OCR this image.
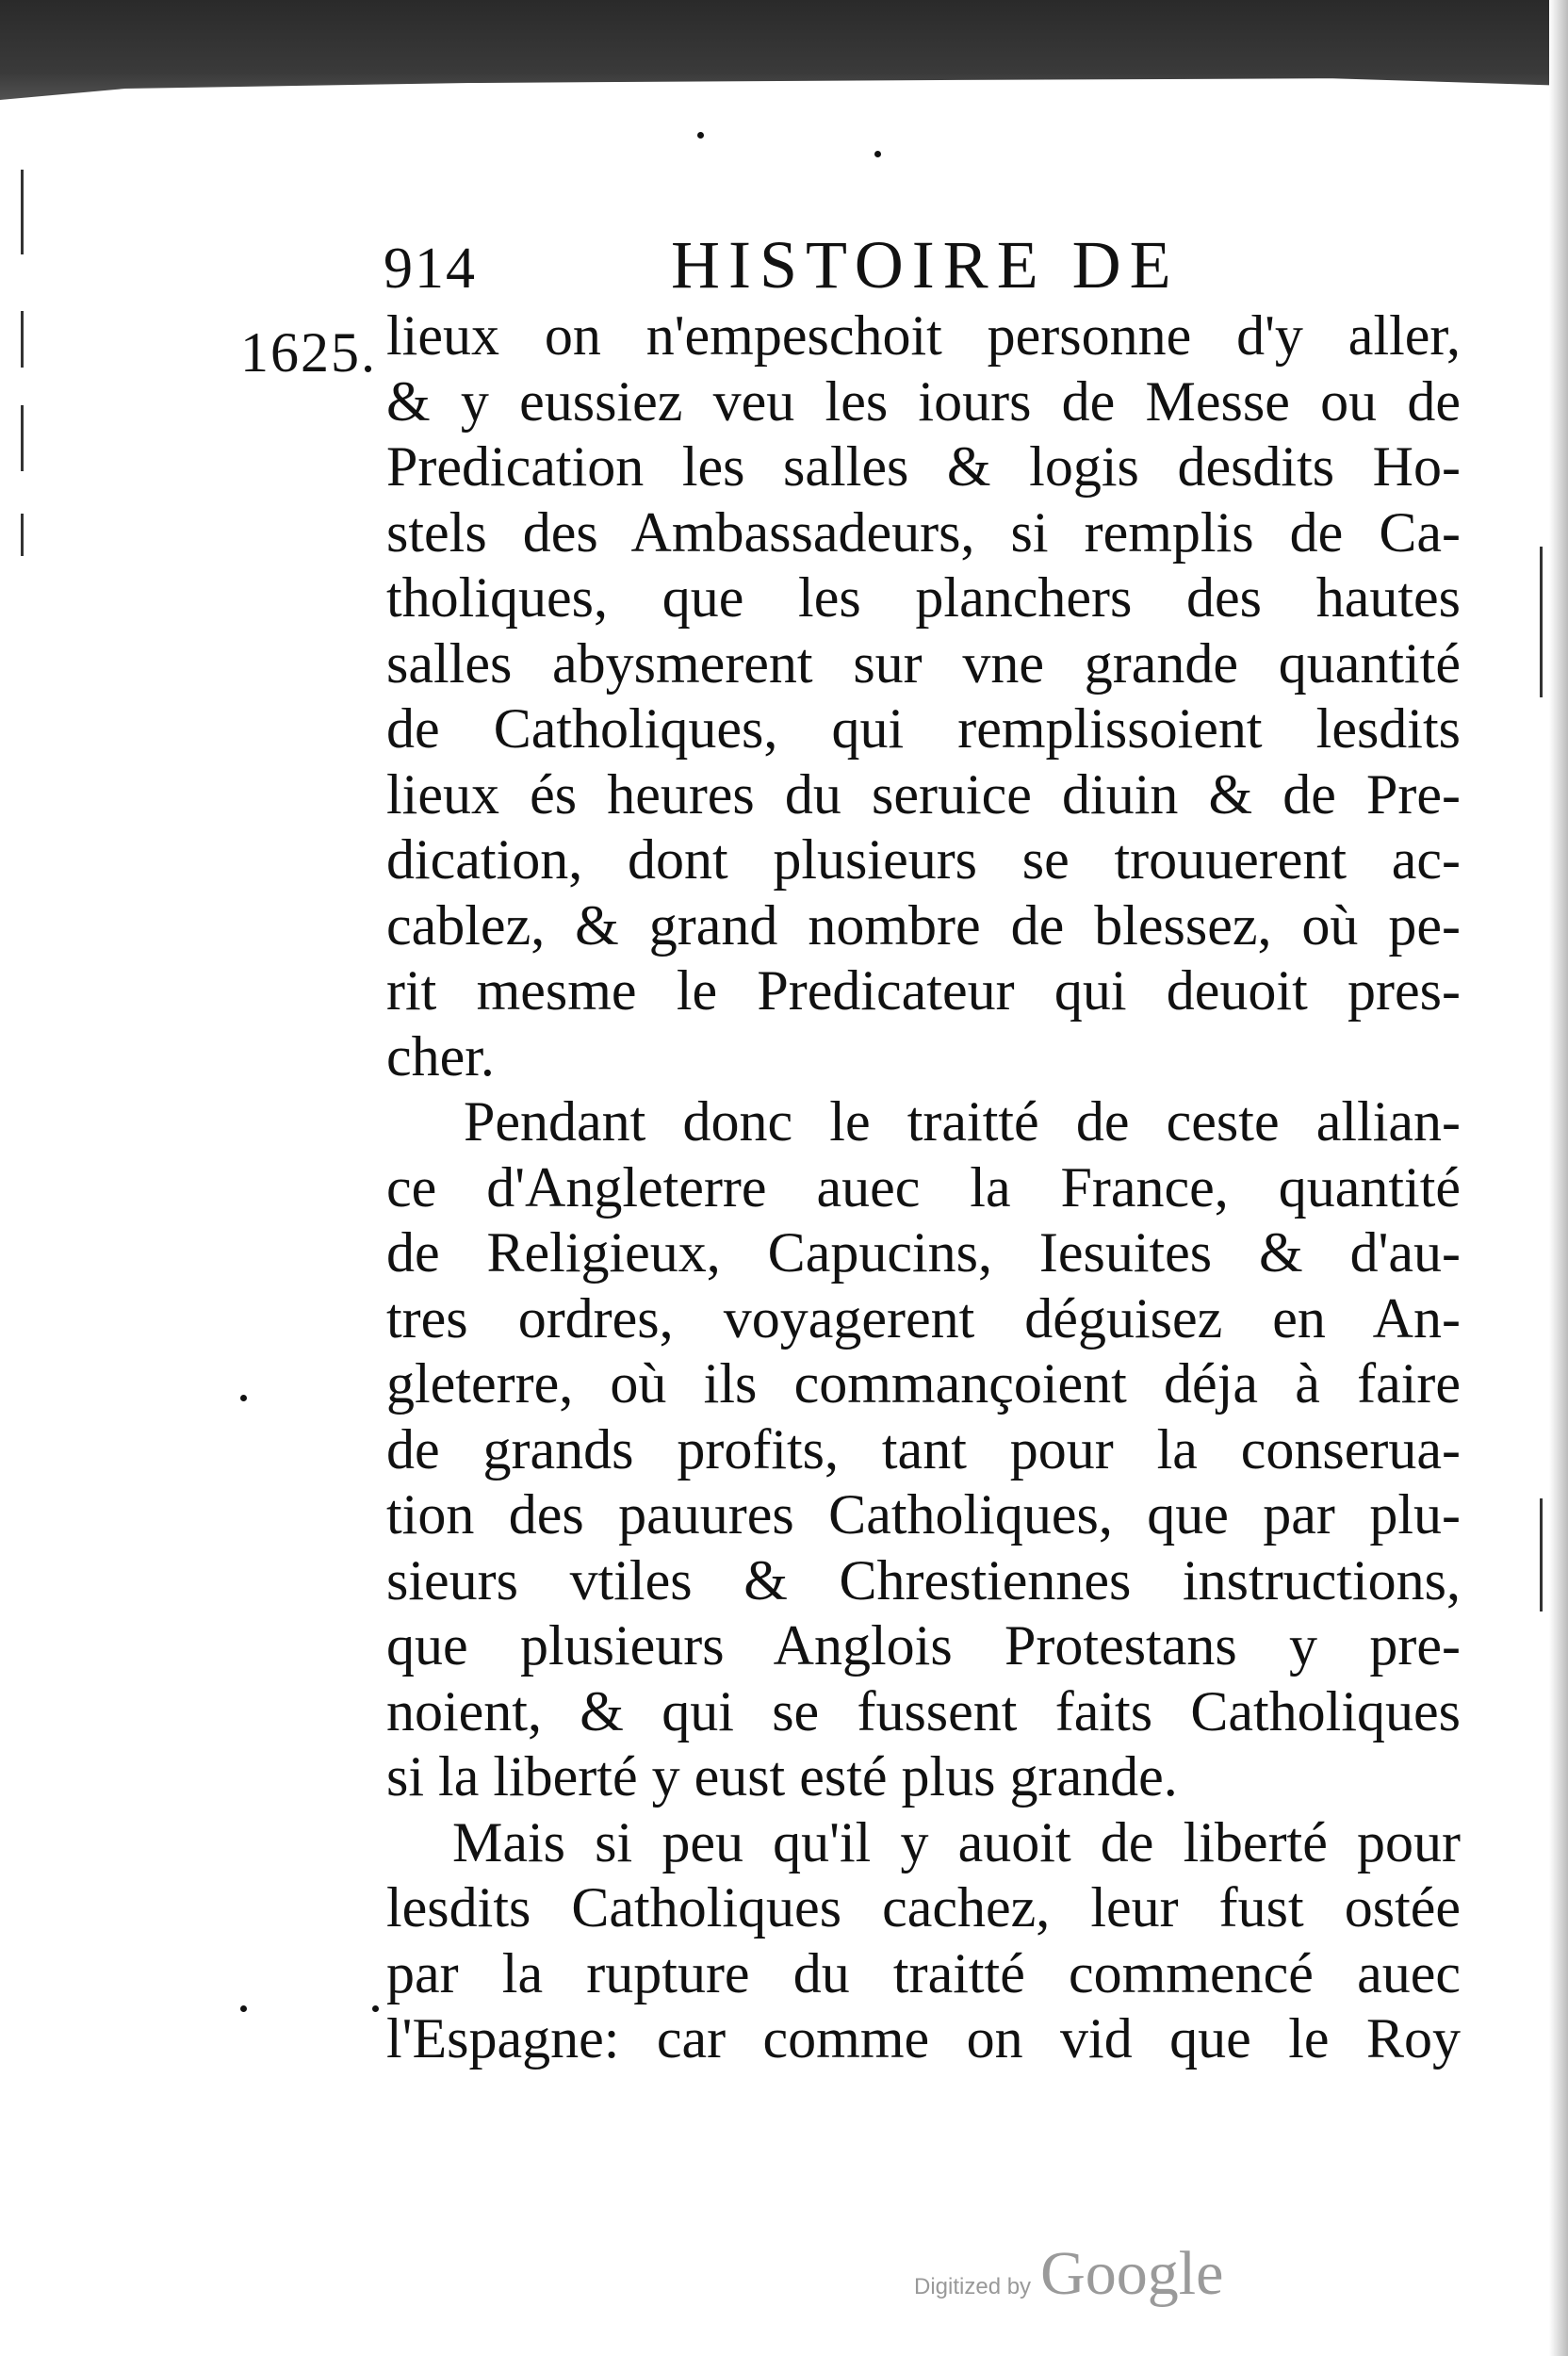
914	HISTOIRE DE
1625. lieux on n'empeschoit personne d'y aller,
& y eussiez veu les iours de Messe ou de
Predication les salles & logis desdits Ho-
stels des Ambassadeurs, si remplis de Ca-
tholiques, que les planchers des hautes
salles abysmerent sur vne grande quantité
de Catholiques, qui remplissoient lesdits
lieux és heures du seruice diuin & de Pre-
dication, dont plusieurs se trouuerent ac-
cablez, & grand nombre de blessez, où pe-
rit mesme le Predicateur qui deuoit pres-
cher.
Pendant donc le traitté de ceste allian-
ce d'Angleterre auec la France, quantité
de Religieux, Capucins, Iesuites & d'au-
tres ordres, voyagerent déguisez en An-
gleterre, où ils commançoient déja à faire
de grands profits, tant pour la conserua-
tion des pauures Catholiques, que par plu-
sieurs vtiles & Chrestiennes instructions,
que plusieurs Anglois Protestans y pre-
noient, & qui se fussent faits Catholiques
si la liberté y eust esté plus grande.
Mais si peu qu'il y auoit de liberté pour
lesdits Catholiques cachez, leur fust ostée
par la rupture du traitté commencé auec
l'Espagne: car comme on vid que le Roy
Digitized by Google
